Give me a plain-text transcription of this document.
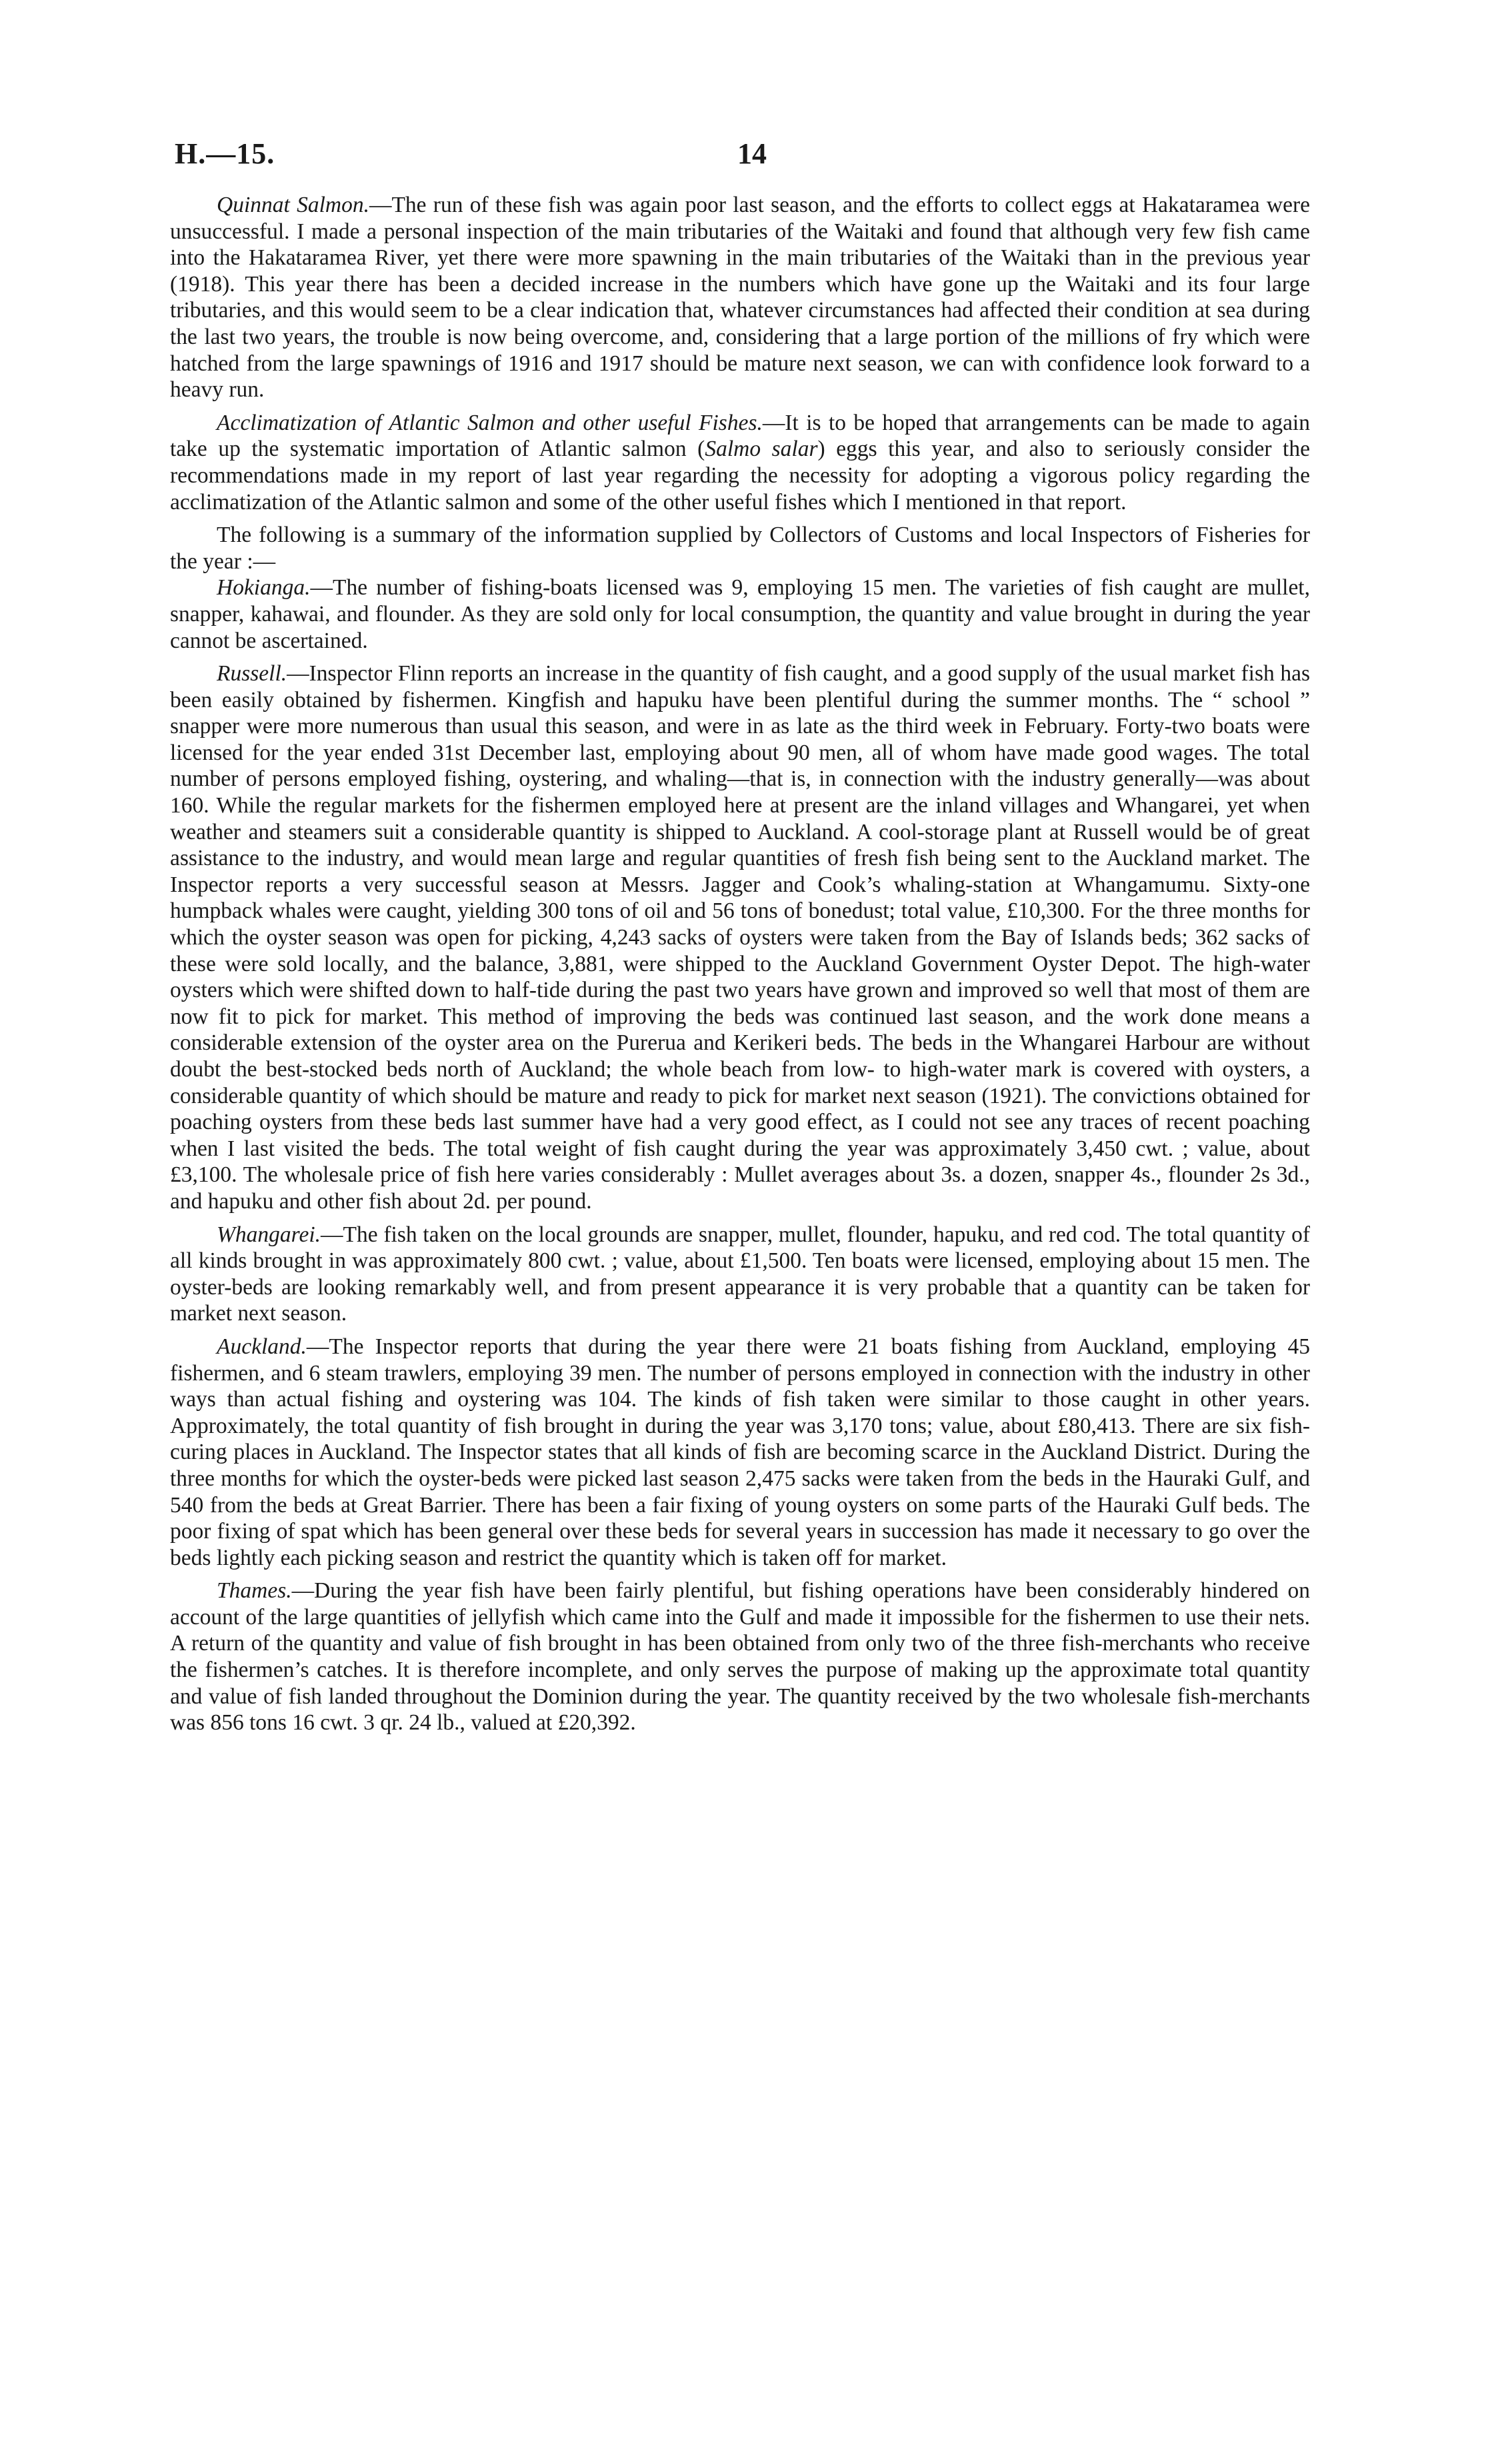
H.—15.	14

Quinnat Salmon.—The run of these fish was again poor last season, and the efforts to collect eggs at Hakataramea were unsuccessful. I made a personal inspection of the main tributaries of the Waitaki and found that although very few fish came into the Hakataramea River, yet there were more spawning in the main tributaries of the Waitaki than in the previous year (1918). This year there has been a decided increase in the numbers which have gone up the Waitaki and its four large tributaries, and this would seem to be a clear indication that, whatever circumstances had affected their condition at sea during the last two years, the trouble is now being overcome, and, considering that a large portion of the millions of fry which were hatched from the large spawnings of 1916 and 1917 should be mature next season, we can with confidence look forward to a heavy run.

Acclimatization of Atlantic Salmon and other useful Fishes.—It is to be hoped that arrangements can be made to again take up the systematic importation of Atlantic salmon (Salmo salar) eggs this year, and also to seriously consider the recommendations made in my report of last year regarding the necessity for adopting a vigorous policy regarding the acclimatization of the Atlantic salmon and some of the other useful fishes which I mentioned in that report.

The following is a summary of the information supplied by Collectors of Customs and local Inspectors of Fisheries for the year :—

Hokianga.—The number of fishing-boats licensed was 9, employing 15 men. The varieties of fish caught are mullet, snapper, kahawai, and flounder. As they are sold only for local consumption, the quantity and value brought in during the year cannot be ascertained.

Russell.—Inspector Flinn reports an increase in the quantity of fish caught, and a good supply of the usual market fish has been easily obtained by fishermen. Kingfish and hapuku have been plentiful during the summer months. The “ school ” snapper were more numerous than usual this season, and were in as late as the third week in February. Forty-two boats were licensed for the year ended 31st December last, employing about 90 men, all of whom have made good wages. The total number of persons employed fishing, oystering, and whaling—that is, in connection with the industry generally—was about 160. While the regular markets for the fishermen employed here at present are the inland villages and Whangarei, yet when weather and steamers suit a considerable quantity is shipped to Auckland. A cool-storage plant at Russell would be of great assistance to the industry, and would mean large and regular quantities of fresh fish being sent to the Auckland market. The Inspector reports a very successful season at Messrs. Jagger and Cook’s whaling-station at Whangamumu. Sixty-one humpback whales were caught, yielding 300 tons of oil and 56 tons of bonedust; total value, £10,300. For the three months for which the oyster season was open for picking, 4,243 sacks of oysters were taken from the Bay of Islands beds; 362 sacks of these were sold locally, and the balance, 3,881, were shipped to the Auckland Government Oyster Depot. The high-water oysters which were shifted down to half-tide during the past two years have grown and improved so well that most of them are now fit to pick for market. This method of improving the beds was continued last season, and the work done means a considerable extension of the oyster area on the Purerua and Kerikeri beds. The beds in the Whangarei Harbour are without doubt the best-stocked beds north of Auckland; the whole beach from low- to high-water mark is covered with oysters, a considerable quantity of which should be mature and ready to pick for market next season (1921). The convictions obtained for poaching oysters from these beds last summer have had a very good effect, as I could not see any traces of recent poaching when I last visited the beds. The total weight of fish caught during the year was approximately 3,450 cwt. ; value, about £3,100. The wholesale price of fish here varies considerably : Mullet averages about 3s. a dozen, snapper 4s., flounder 2s 3d., and hapuku and other fish about 2d. per pound.

Whangarei.—The fish taken on the local grounds are snapper, mullet, flounder, hapuku, and red cod. The total quantity of all kinds brought in was approximately 800 cwt. ; value, about £1,500. Ten boats were licensed, employing about 15 men. The oyster-beds are looking remarkably well, and from present appearance it is very probable that a quantity can be taken for market next season.

Auckland.—The Inspector reports that during the year there were 21 boats fishing from Auckland, employing 45 fishermen, and 6 steam trawlers, employing 39 men. The number of persons employed in connection with the industry in other ways than actual fishing and oystering was 104. The kinds of fish taken were similar to those caught in other years. Approximately, the total quantity of fish brought in during the year was 3,170 tons; value, about £80,413. There are six fish-curing places in Auckland. The Inspector states that all kinds of fish are becoming scarce in the Auckland District. During the three months for which the oyster-beds were picked last season 2,475 sacks were taken from the beds in the Hauraki Gulf, and 540 from the beds at Great Barrier. There has been a fair fixing of young oysters on some parts of the Hauraki Gulf beds. The poor fixing of spat which has been general over these beds for several years in succession has made it necessary to go over the beds lightly each picking season and restrict the quantity which is taken off for market.

Thames.—During the year fish have been fairly plentiful, but fishing operations have been considerably hindered on account of the large quantities of jellyfish which came into the Gulf and made it impossible for the fishermen to use their nets. A return of the quantity and value of fish brought in has been obtained from only two of the three fish-merchants who receive the fishermen’s catches. It is therefore incomplete, and only serves the purpose of making up the approximate total quantity and value of fish landed throughout the Dominion during the year. The quantity received by the two wholesale fish-merchants was 856 tons 16 cwt. 3 qr. 24 lb., valued at £20,392.
